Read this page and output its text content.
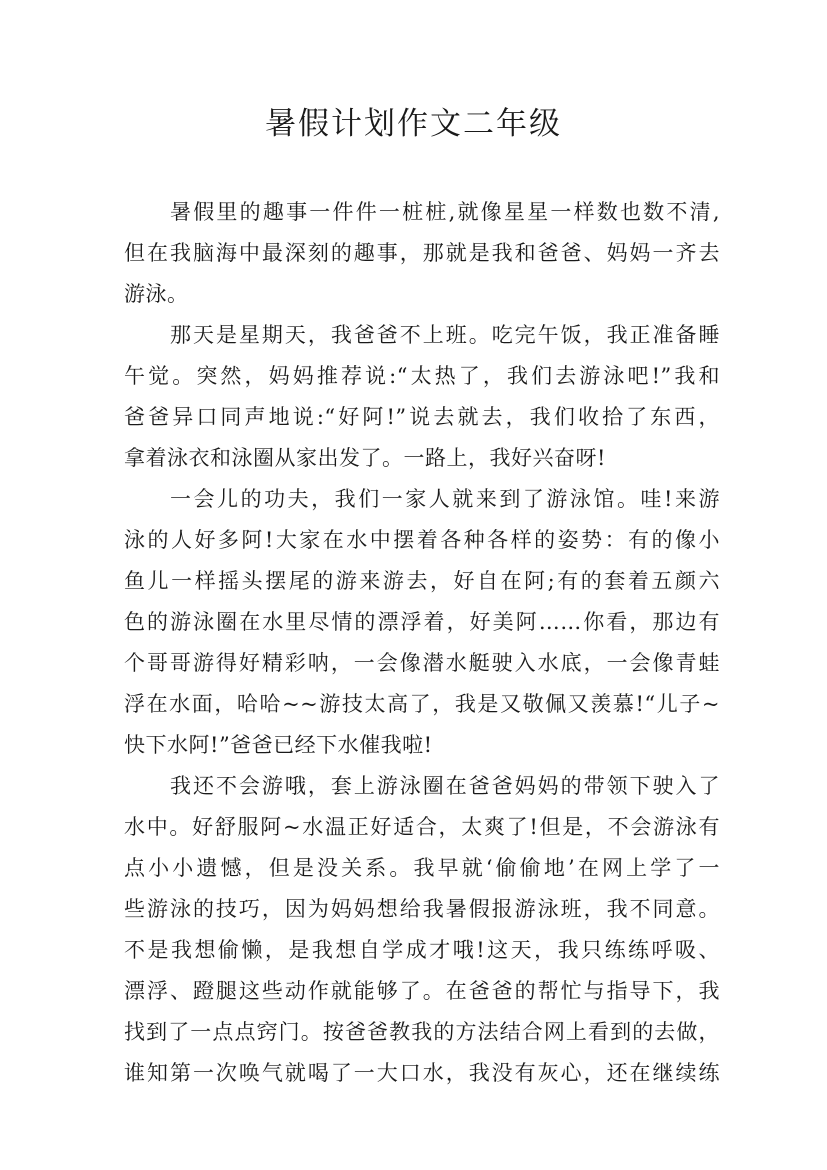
暑假计划作文二年级
暑假里的趣事一件件一桩桩,就像星星一样数也数不清,
但在我脑海中最深刻的趣事，那就是我和爸爸、妈妈一齐去
游泳。
那天是星期天，我爸爸不上班。吃完午饭，我正准备睡
午觉。突然，妈妈推荐说:“太热了，我们去游泳吧!”我和
爸爸异口同声地说:“好阿!”说去就去，我们收拾了东西，
拿着泳衣和泳圈从家出发了。一路上，我好兴奋呀!
一会儿的功夫，我们一家人就来到了游泳馆。哇!来游
泳的人好多阿!大家在水中摆着各种各样的姿势：有的像小
鱼儿一样摇头摆尾的游来游去，好自在阿;有的套着五颜六
色的游泳圈在水里尽情的漂浮着，好美阿……你看，那边有
个哥哥游得好精彩呐，一会像潜水艇驶入水底，一会像青蛙
浮在水面，哈哈~~游技太高了，我是又敬佩又羡慕!“儿子~
快下水阿!”爸爸已经下水催我啦!
我还不会游哦，套上游泳圈在爸爸妈妈的带领下驶入了
水中。好舒服阿~水温正好适合，太爽了!但是，不会游泳有
点小小遗憾，但是没关系。我早就‘偷偷地’在网上学了一
些游泳的技巧，因为妈妈想给我暑假报游泳班，我不同意。
不是我想偷懒，是我想自学成才哦!这天，我只练练呼吸、
漂浮、蹬腿这些动作就能够了。在爸爸的帮忙与指导下，我
找到了一点点窍门。按爸爸教我的方法结合网上看到的去做，
谁知第一次唤气就喝了一大口水，我没有灰心，还在继续练
